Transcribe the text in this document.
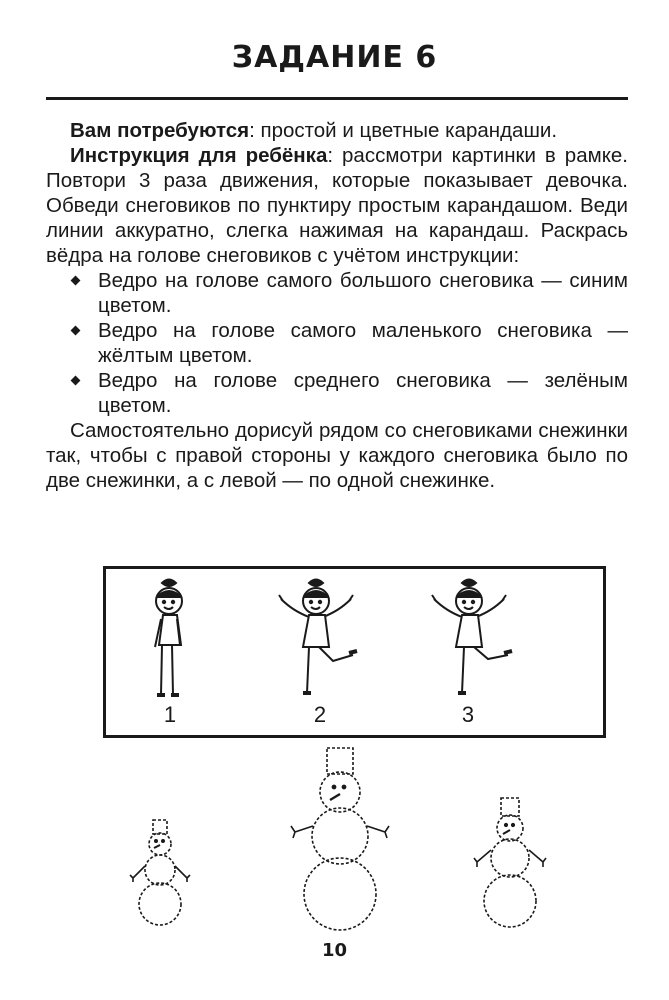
ЗАДАНИЕ 6

Вам потребуются: простой и цветные карандаши.

Инструкция для ребёнка: рассмотри картинки в рамке. Повтори 3 раза движения, которые показывает девочка. Обведи снеговиков по пунктиру простым карандашом. Веди линии аккуратно, слегка нажимая на карандаш. Раскрась вёдра на голове снеговиков с учётом инструкции:

Ведро на голове самого большого снеговика — синим цветом.
Ведро на голове самого маленького снеговика — жёлтым цветом.
Ведро на голове среднего снеговика — зелёным цветом.

Самостоятельно дорисуй рядом со снеговиками снежинки так, чтобы с правой стороны у каждого снеговика было по две снежинки, а с левой — по одной снежинке.

1	2	3
10
